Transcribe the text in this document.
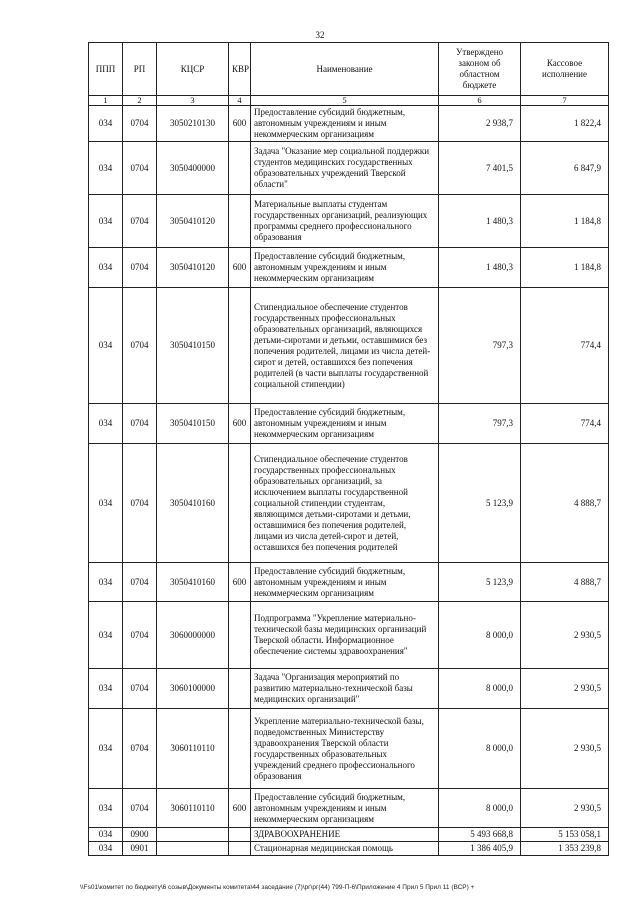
32
ППП	РП	КЦСР	КВР	Наименование	Утверждено законом об областном бюджете	Кассовое исполнение
1	2	3	4	5	6	7
034	0704	3050210130	600	Предоставление субсидий бюджетным, автономным учреждениям и иным некоммерческим организациям	2 938,7	1 822,4
034	0704	3050400000		Задача "Оказание мер социальной поддержки студентов медицинских государственных образовательных учреждений Тверской области"	7 401,5	6 847,9
034	0704	3050410120		Материальные выплаты студентам государственных организаций, реализующих программы среднего профессионального образования	1 480,3	1 184,8
034	0704	3050410120	600	Предоставление субсидий бюджетным, автономным учреждениям и иным некоммерческим организациям	1 480,3	1 184,8
034	0704	3050410150		Стипендиальное обеспечение студентов государственных профессиональных образовательных организаций, являющихся детьми-сиротами и детьми, оставшимися без попечения родителей, лицами из числа детей-сирот и детей, оставшихся без попечения родителей (в части выплаты государственной социальной стипендии)	797,3	774,4
034	0704	3050410150	600	Предоставление субсидий бюджетным, автономным учреждениям и иным некоммерческим организациям	797,3	774,4
034	0704	3050410160		Стипендиальное обеспечение студентов государственных профессиональных образовательных организаций, за исключением выплаты государственной социальной стипендии студентам, являющимся детьми-сиротами и детьми, оставшимися без попечения родителей, лицами из числа детей-сирот и детей, оставшихся без попечения родителей	5 123,9	4 888,7
034	0704	3050410160	600	Предоставление субсидий бюджетным, автономным учреждениям и иным некоммерческим организациям	5 123,9	4 888,7
034	0704	3060000000		Подпрограмма "Укрепление материально-технической базы медицинских организаций Тверской области. Информационное обеспечение системы здравоохранения"	8 000,0	2 930,5
034	0704	3060100000		Задача "Организация мероприятий по развитию материально-технической базы медицинских организаций"	8 000,0	2 930,5
034	0704	3060110110		Укрепление материально-технической базы, подведомственных Министерству здравоохранения Тверской области государственных образовательных учреждений среднего профессионального образования	8 000,0	2 930,5
034	0704	3060110110	600	Предоставление субсидий бюджетным, автономным учреждениям и иным некоммерческим организациям	8 000,0	2 930,5
034	0900			ЗДРАВООХРАНЕНИЕ	5 493 668,8	5 153 058,1
034	0901			Стационарная медицинская помощь	1 386 405,9	1 353 239,8
\\Fs01\комитет по бюджету\6 созыв\Документы комитета\44 заседание (7)\рг\рг(44) 799-П-6\Приложение 4 Прил 5 Прил 11 (ВСР) +
